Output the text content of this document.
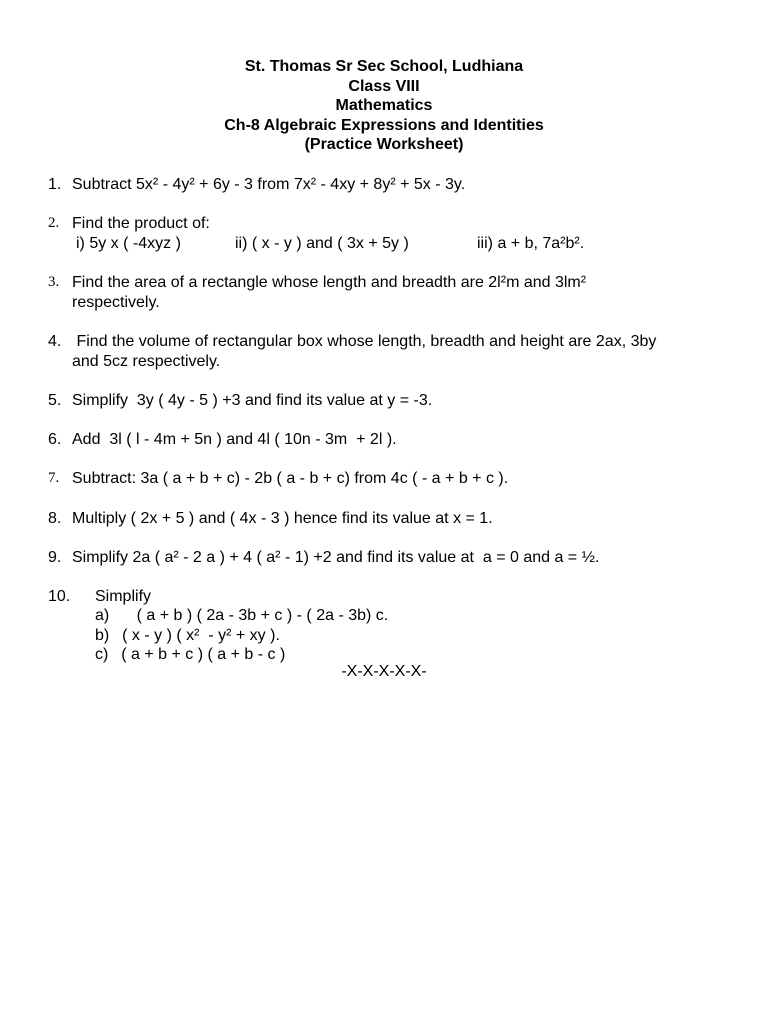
St. Thomas Sr Sec School, Ludhiana
Class VIII
Mathematics
Ch-8 Algebraic Expressions and Identities
(Practice Worksheet)
1. Subtract 5x² - 4y² + 6y - 3 from 7x² - 4xy + 8y² + 5x - 3y.
2. Find the product of:
i) 5y x ( -4xyz )	ii) ( x - y ) and ( 3x + 5y )	iii) a + b, 7a²b².
3. Find the area of a rectangle whose length and breadth are 2l²m and 3lm²
respectively.
4. Find the volume of rectangular box whose length, breadth and height are 2ax, 3by
and 5cz respectively.
5. Simplify  3y ( 4y - 5 ) +3 and find its value at y = -3.
6. Add  3l ( l - 4m + 5n ) and 4l ( 10n - 3m  + 2l ).
7. Subtract: 3a ( a + b + c) - 2b ( a - b + c) from 4c ( - a + b + c ).
8. Multiply ( 2x + 5 ) and ( 4x - 3 ) hence find its value at x = 1.
9. Simplify 2a ( a² - 2 a ) + 4 ( a² - 1) +2 and find its value at  a = 0 and a = ½.
10. Simplify
a)   ( a + b ) ( 2a - 3b + c ) - ( 2a - 3b) c.
b) ( x - y ) ( x²  - y² + xy ).
c) ( a + b + c ) ( a + b - c )
-X-X-X-X-X-
